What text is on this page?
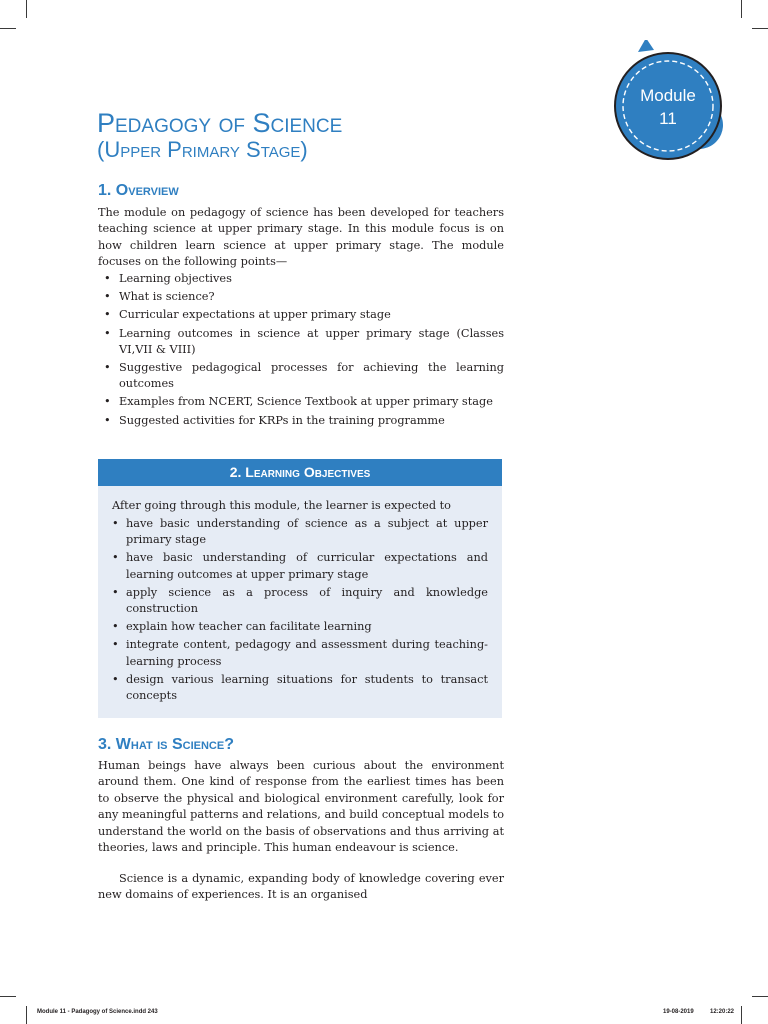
Pedagogy of Science
(Upper Primary Stage)
Module
11
1. Overview

The module on pedagogy of science has been developed for teachers teaching science at upper primary stage. In this module focus is on how children learn science at upper primary stage. The module focuses on the following points—

• Learning objectives
• What is science?
• Curricular expectations at upper primary stage
• Learning outcomes in science at upper primary stage (Classes VI,VII & VIII)
• Suggestive pedagogical processes for achieving the learning outcomes
• Examples from NCERT, Science Textbook at upper primary stage
• Suggested activities for KRPs in the training programme
2. Learning Objectives

After going through this module, the learner is expected to

• have basic understanding of science as a subject at upper primary stage
• have basic understanding of curricular expectations and learning outcomes at upper primary stage
• apply science as a process of inquiry and knowledge construction
• explain how teacher can facilitate learning
• integrate content, pedagogy and assessment during teaching-learning process
• design various learning situations for students to transact concepts
3. What is Science?

Human beings have always been curious about the environment around them. One kind of response from the earliest times has been to observe the physical and biological environment carefully, look for any meaningful patterns and relations, and build conceptual models to understand the world on the basis of observations and thus arriving at theories, laws and principle. This human endeavour is science.

Science is a dynamic, expanding body of knowledge covering ever new domains of experiences. It is an organised

Module 11 - Padagogy of Science.indd 243	19-08-2019	12:20:22
